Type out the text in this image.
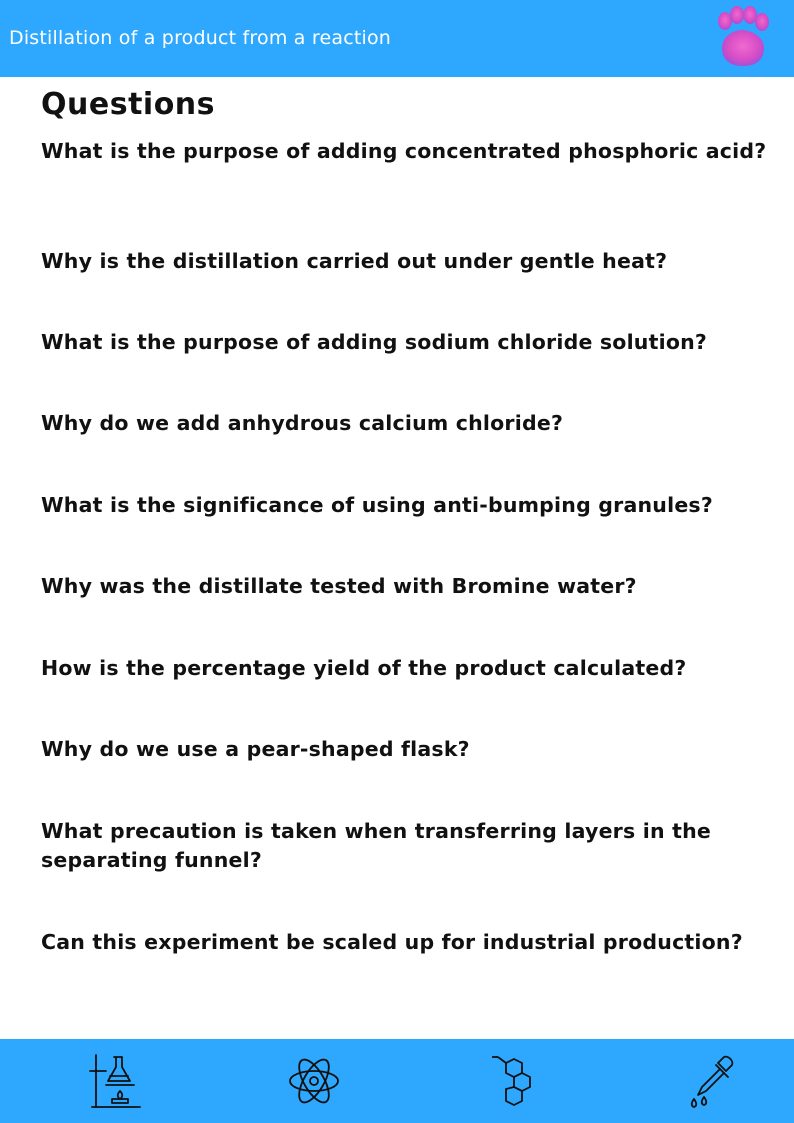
Distillation of a product from a reaction
Questions
What is the purpose of adding concentrated phosphoric acid?
Why is the distillation carried out under gentle heat?
What is the purpose of adding sodium chloride solution?
Why do we add anhydrous calcium chloride?
What is the significance of using anti-bumping granules?
Why was the distillate tested with Bromine water?
How is the percentage yield of the product calculated?
Why do we use a pear-shaped flask?
What precaution is taken when transferring layers in the separating funnel?
Can this experiment be scaled up for industrial production?
